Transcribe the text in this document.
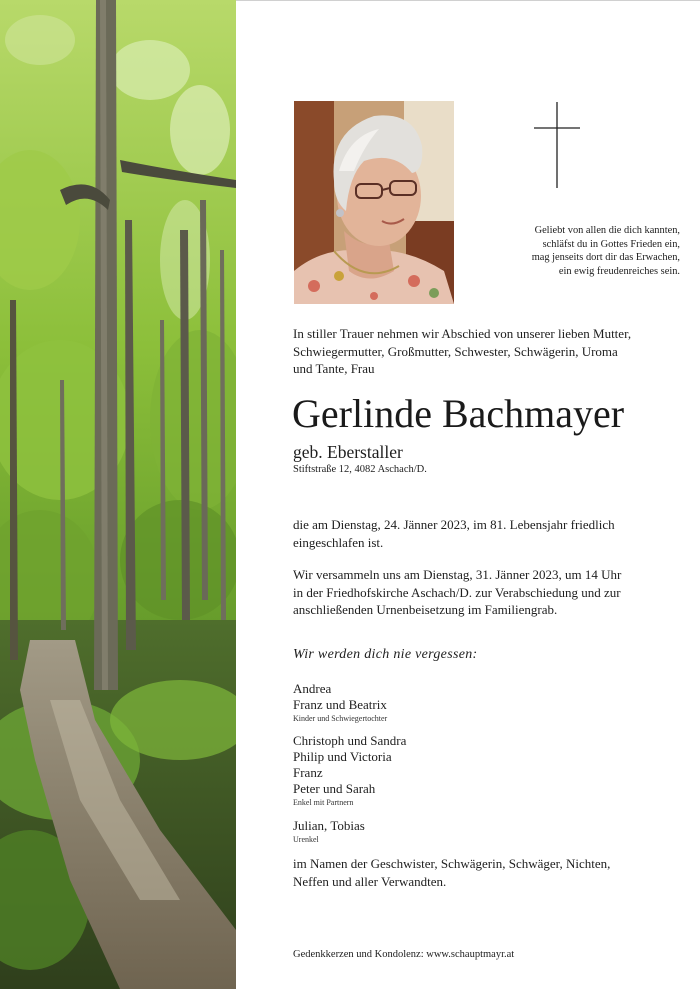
Geliebt von allen die dich kannten,
schläfst du in Gottes Frieden ein,
mag jenseits dort dir das Erwachen,
ein ewig freudenreiches sein.
In stiller Trauer nehmen wir Abschied von unserer lieben Mutter,
Schwiegermutter, Großmutter, Schwester, Schwägerin, Uroma
und Tante, Frau
Gerlinde Bachmayer
geb. Eberstaller
Stiftstraße 12, 4082 Aschach/D.
die am Dienstag, 24. Jänner 2023, im 81. Lebensjahr friedlich
eingeschlafen ist.
Wir versammeln uns am Dienstag, 31. Jänner 2023, um 14 Uhr
in der Friedhofskirche Aschach/D. zur Verabschiedung und zur
anschließenden Urnenbeisetzung im Familiengrab.
Wir werden dich nie vergessen:
Andrea
Franz und Beatrix
Kinder und Schwiegertochter
Christoph und Sandra
Philip und Victoria
Franz
Peter und Sarah
Enkel mit Partnern
Julian, Tobias
Urenkel
im Namen der Geschwister, Schwägerin, Schwäger, Nichten,
Neffen und aller Verwandten.
Gedenkkerzen und Kondolenz: www.schauptmayr.at
